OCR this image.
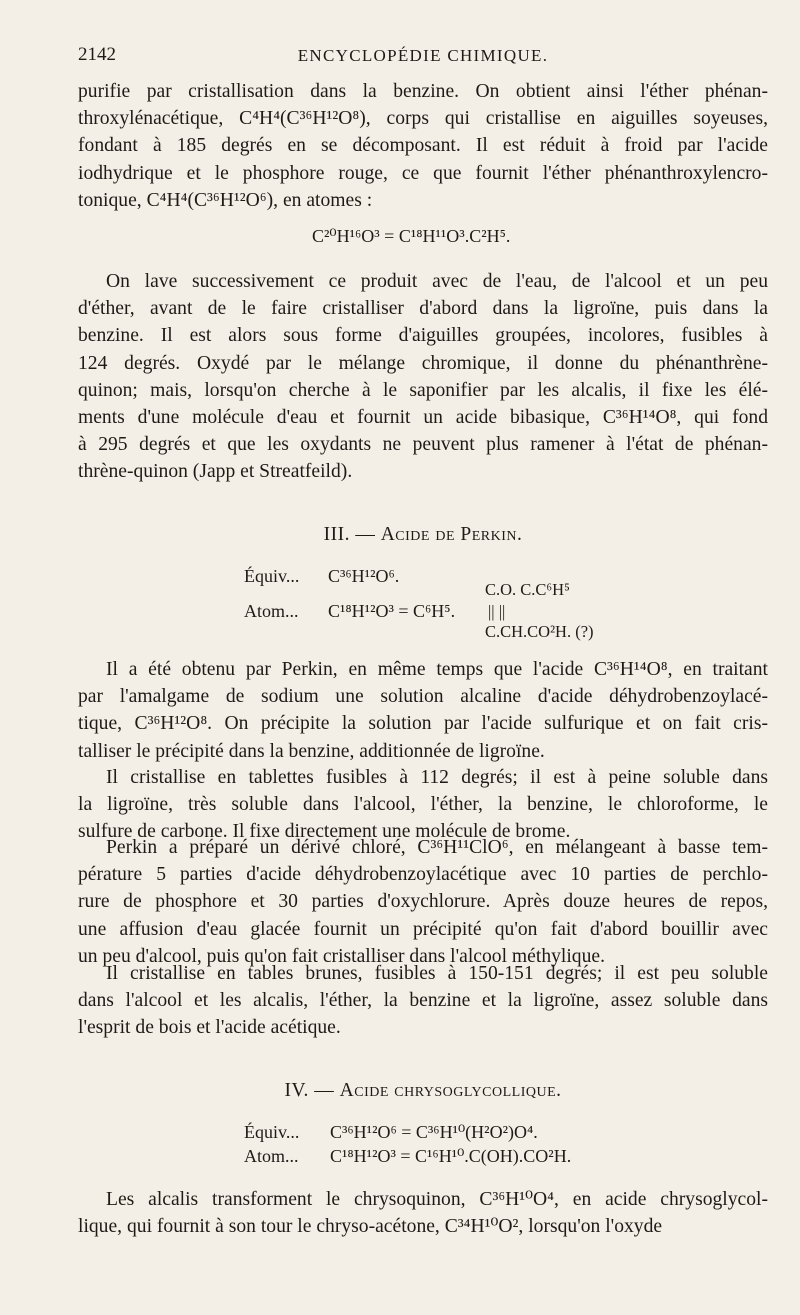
2142	ENCYCLOPÉDIE CHIMIQUE.

purifie par cristallisation dans la benzine. On obtient ainsi l'éther phénan-

throxylénacétique, C⁴H⁴(C³⁶H¹²O⁸), corps qui cristallise en aiguilles soyeuses,

fondant à 185 degrés en se décomposant. Il est réduit à froid par l'acide

iodhydrique et le phosphore rouge, ce que fournit l'éther phénanthroxylencro-

tonique, C⁴H⁴(C³⁶H¹²O⁶), en atomes :

C²⁰H¹⁶O³ = C¹⁸H¹¹O³.C²H⁵.

On lave successivement ce produit avec de l'eau, de l'alcool et un peu

d'éther, avant de le faire cristalliser d'abord dans la ligroïne, puis dans la

benzine. Il est alors sous forme d'aiguilles groupées, incolores, fusibles à

124 degrés. Oxydé par le mélange chromique, il donne du phénanthrène-

quinon; mais, lorsqu'on cherche à le saponifier par les alcalis, il fixe les élé-

ments d'une molécule d'eau et fournit un acide bibasique, C³⁶H¹⁴O⁸, qui fond

à 295 degrés et que les oxydants ne peuvent plus ramener à l'état de phénan-

thrène-quinon (Japp et Streatfeild).

III. — Acide de Perkin.
Équiv... C³⁶H¹²O⁶.
Atom... C¹⁸H¹²O³ = C⁶H⁵.
C.O. C.C⁶H⁵
|| ||
C.CH.CO²H. (?)

Il a été obtenu par Perkin, en même temps que l'acide C³⁶H¹⁴O⁸, en traitant

par l'amalgame de sodium une solution alcaline d'acide déhydrobenzoylacé-

tique, C³⁶H¹²O⁸. On précipite la solution par l'acide sulfurique et on fait cris-

talliser le précipité dans la benzine, additionnée de ligroïne.

Il cristallise en tablettes fusibles à 112 degrés; il est à peine soluble dans

la ligroïne, très soluble dans l'alcool, l'éther, la benzine, le chloroforme, le

sulfure de carbone. Il fixe directement une molécule de brome.

Perkin a préparé un dérivé chloré, C³⁶H¹¹ClO⁶, en mélangeant à basse tem-

pérature 5 parties d'acide déhydrobenzoylacétique avec 10 parties de perchlo-

rure de phosphore et 30 parties d'oxychlorure. Après douze heures de repos,

une affusion d'eau glacée fournit un précipité qu'on fait d'abord bouillir avec

un peu d'alcool, puis qu'on fait cristalliser dans l'alcool méthylique.

Il cristallise en tables brunes, fusibles à 150-151 degrés; il est peu soluble

dans l'alcool et les alcalis, l'éther, la benzine et la ligroïne, assez soluble dans

l'esprit de bois et l'acide acétique.

IV. — Acide chrysoglycollique.
Équiv... C³⁶H¹²O⁶ = C³⁶H¹⁰(H²O²)O⁴.
Atom... C¹⁸H¹²O³ = C¹⁶H¹⁰.C(OH).CO²H.

Les alcalis transforment le chrysoquinon, C³⁶H¹⁰O⁴, en acide chrysoglycol-

lique, qui fournit à son tour le chryso-acétone, C³⁴H¹⁰O², lorsqu'on l'oxyde
